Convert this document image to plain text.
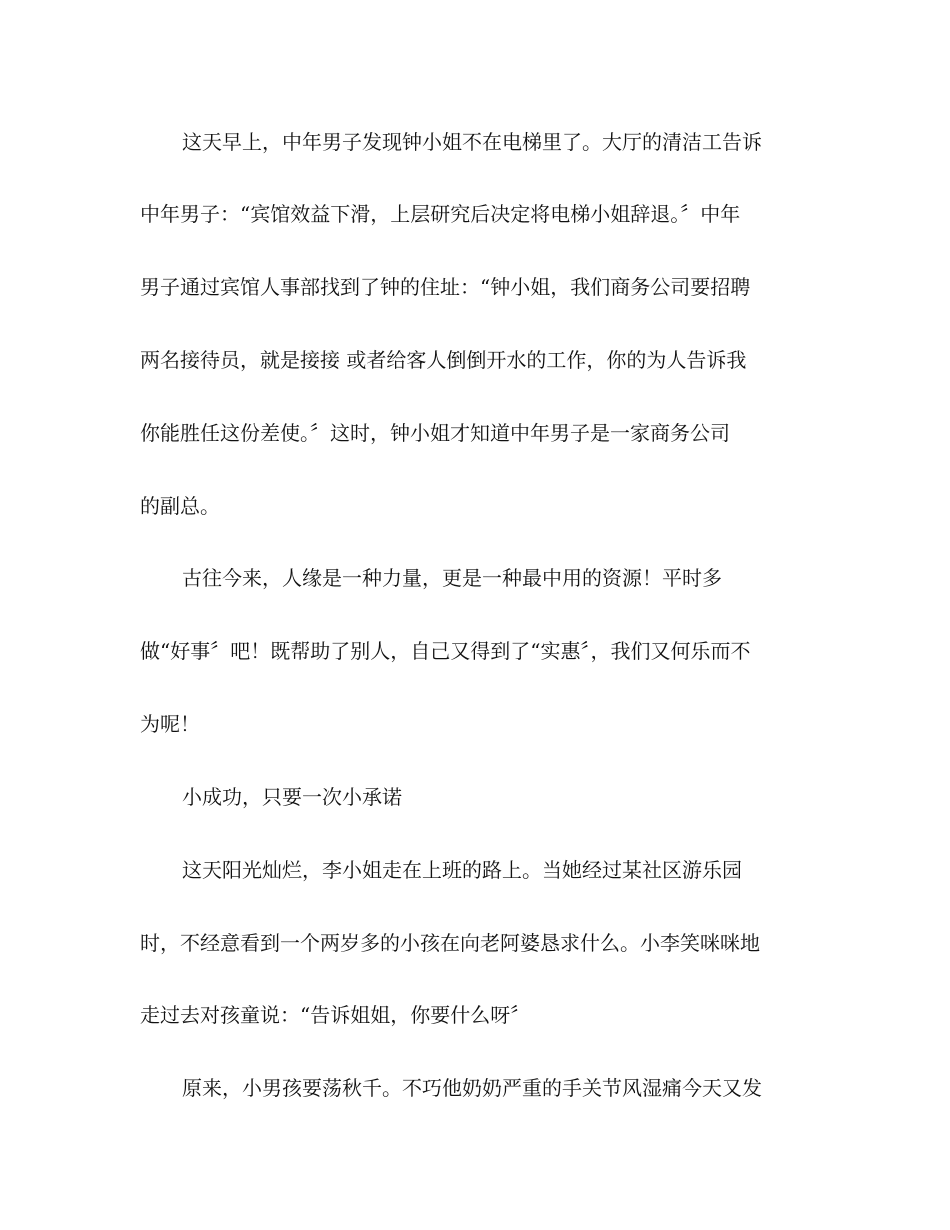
这天早上，中年男子发现钟小姐不在电梯里了。大厅的清洁工告诉
中年男子：“宾馆效益下滑，上层研究后决定将电梯小姐辞退。〞中年
男子通过宾馆人事部找到了钟的住址：“钟小姐，我们商务公司要招聘
两名接待员，就是接接 或者给客人倒倒开水的工作，你的为人告诉我
你能胜任这份差使。〞这时，钟小姐才知道中年男子是一家商务公司
的副总。
古往今来，人缘是一种力量，更是一种最中用的资源！平时多
做“好事〞吧！既帮助了别人，自己又得到了“实惠〞，我们又何乐而不
为呢！
小成功，只要一次小承诺
这天阳光灿烂，李小姐走在上班的路上。当她经过某社区游乐园
时，不经意看到一个两岁多的小孩在向老阿婆恳求什么。小李笑咪咪地
走过去对孩童说：“告诉姐姐，你要什么呀〞
原来，小男孩要荡秋千。不巧他奶奶严重的手关节风湿痛今天又发
